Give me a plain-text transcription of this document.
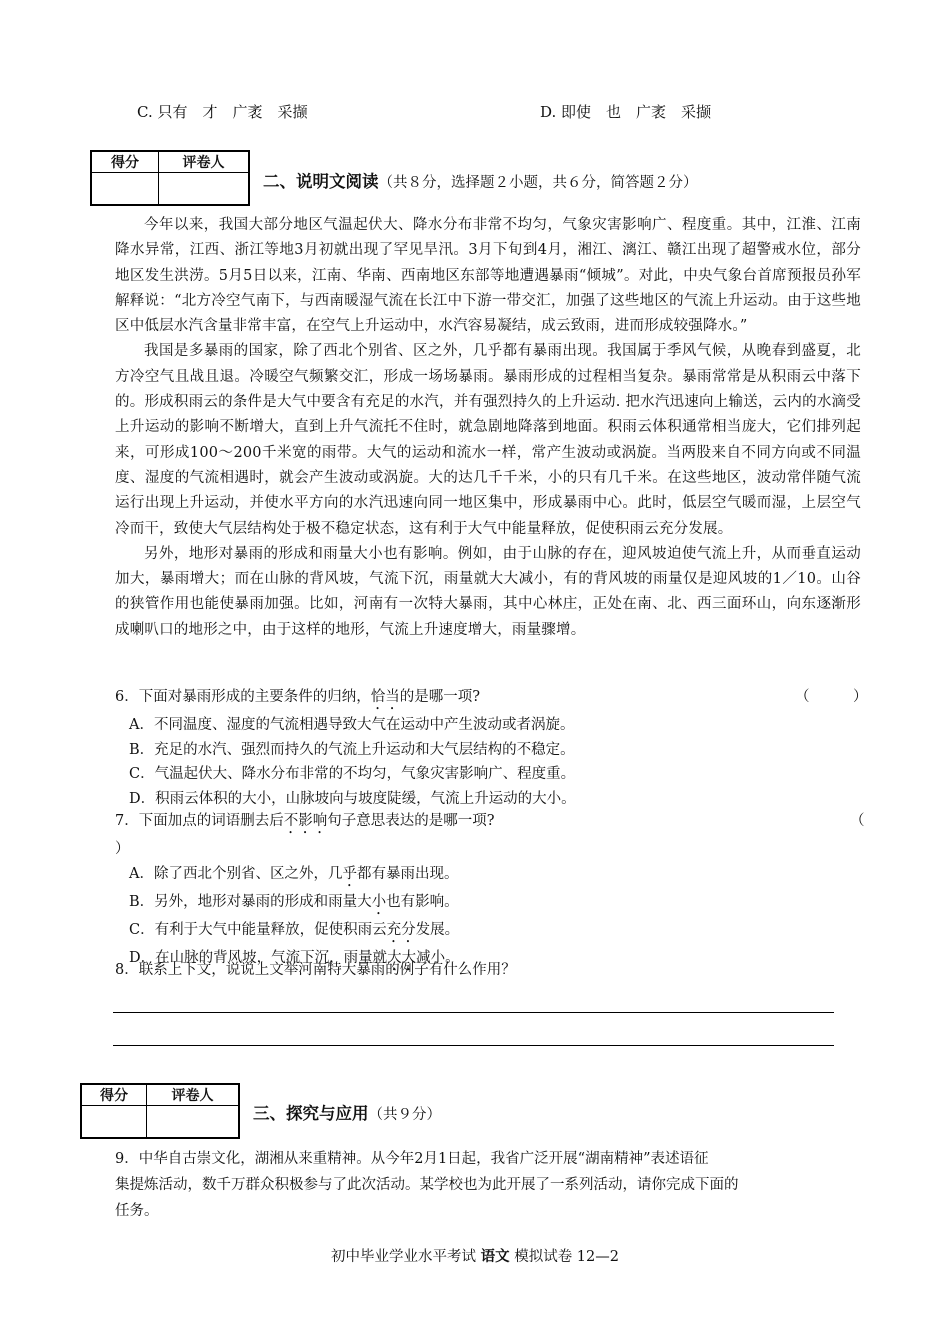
C. 只有　才　广袤　采撷	D. 即使　也　广袤　采撷
得分	评卷人

二、说明文阅读（共８分，选择题２小题，共６分，简答题２分）

今年以来，我国大部分地区气温起伏大、降水分布非常不均匀，气象灾害影响广、程度重。其中，江淮、江南降水异常，江西、浙江等地3月初就出现了罕见旱汛。3月下旬到4月，湘江、漓江、赣江出现了超警戒水位，部分地区发生洪涝。5月5日以来，江南、华南、西南地区东部等地遭遇暴雨“倾城”。对此，中央气象台首席预报员孙军解释说：“北方冷空气南下，与西南暖湿气流在长江中下游一带交汇，加强了这些地区的气流上升运动。由于这些地区中低层水汽含量非常丰富，在空气上升运动中，水汽容易凝结，成云致雨，进而形成较强降水。”

我国是多暴雨的国家，除了西北个别省、区之外，几乎都有暴雨出现。我国属于季风气候，从晚春到盛夏，北方冷空气且战且退。冷暖空气频繁交汇，形成一场场暴雨。暴雨形成的过程相当复杂。暴雨常常是从积雨云中落下的。形成积雨云的条件是大气中要含有充足的水汽，并有强烈持久的上升运动. 把水汽迅速向上输送，云内的水滴受上升运动的影响不断增大，直到上升气流托不住时，就急剧地降落到地面。积雨云体积通常相当庞大，它们排列起来，可形成100～200千米宽的雨带。大气的运动和流水一样，常产生波动或涡旋。当两股来自不同方向或不同温度、湿度的气流相遇时，就会产生波动或涡旋。大的达几千千米，小的只有几千米。在这些地区，波动常伴随气流运行出现上升运动，并使水平方向的水汽迅速向同一地区集中，形成暴雨中心。此时，低层空气暖而湿，上层空气冷而干，致使大气层结构处于极不稳定状态，这有利于大气中能量释放，促使积雨云充分发展。

另外，地形对暴雨的形成和雨量大小也有影响。例如，由于山脉的存在，迎风坡迫使气流上升，从而垂直运动加大，暴雨增大；而在山脉的背风坡，气流下沉，雨量就大大减小，有的背风坡的雨量仅是迎风坡的1／10。山谷的狭管作用也能使暴雨加强。比如，河南有一次特大暴雨，其中心林庄，正处在南、北、西三面环山，向东逐渐形成喇叭口的地形之中，由于这样的地形，气流上升速度增大，雨量骤增。

6．下面对暴雨形成的主要条件的归纳，恰当的是哪一项?	（　　　）
A．不同温度、湿度的气流相遇导致大气在运动中产生波动或者涡旋。
B．充足的水汽、强烈而持久的气流上升运动和大气层结构的不稳定。
C．气温起伏大、降水分布非常的不均匀，气象灾害影响广、程度重。
D．积雨云体积的大小，山脉坡向与坡度陡缓，气流上升运动的大小。
7．下面加点的词语删去后不影响句子意思表达的是哪一项?	（
）
A．除了西北个别省、区之外，几乎都有暴雨出现。
B．另外，地形对暴雨的形成和雨量大小也有影响。
C．有利于大气中能量释放，促使积雨云充分发展。
D．在山脉的背风坡，气流下沉，雨量就大大减小。
8．联系上下文，说说上文举河南特大暴雨的例子有什么作用？
得分	评卷人

三、探究与应用（共９分）
9．中华自古崇文化，湖湘从来重精神。从今年2月1日起，我省广泛开展“湖南精神”表述语征
集提炼活动，数千万群众积极参与了此次活动。某学校也为此开展了一系列活动，请你完成下面的
任务。
初中毕业学业水平考试 语文 模拟试卷 12—2
